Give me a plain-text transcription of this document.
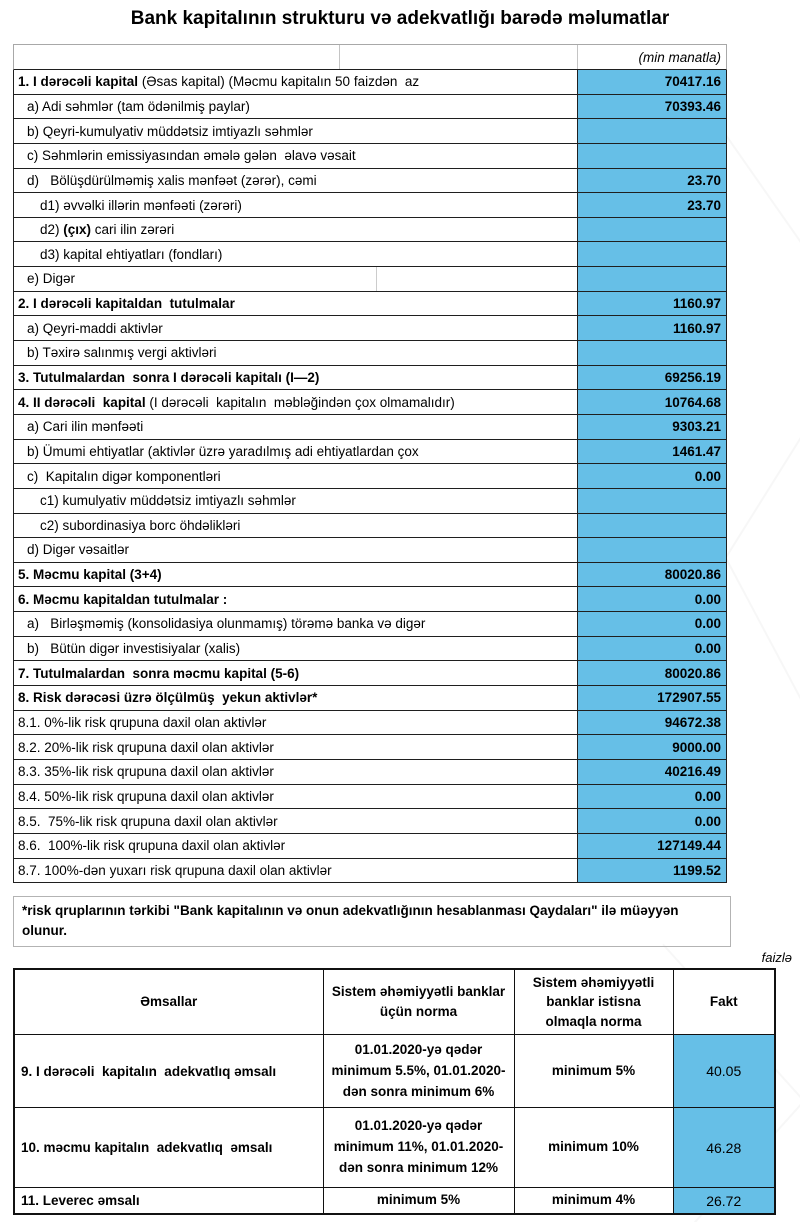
Bank kapitalının strukturu və adekvatlığı barədə məlumatlar
(min manatla)
1. I dərəcəli kapital (Əsas kapital) (Məcmu kapitalın 50 faizdən  az	70417.16
a) Adi səhmlər (tam ödənilmiş paylar)	70393.46
b) Qeyri-kumulyativ müddətsiz imtiyazlı səhmlər
c) Səhmlərin emissiyasından əmələ gələn  əlavə vəsait
d)   Bölüşdürülməmiş xalis mənfəət (zərər), cəmi	23.70
d1) əvvəlki illərin mənfəəti (zərəri)	23.70
d2) (çıx) cari ilin zərəri
d3) kapital ehtiyatları (fondları)
e) Digər
2. I dərəcəli kapitaldan  tutulmalar	1160.97
a) Qeyri-maddi aktivlər	1160.97
b) Təxirə salınmış vergi aktivləri
3. Tutulmalardan  sonra I dərəcəli kapitalı (I—2)	69256.19
4. II dərəcəli  kapital (I dərəcəli  kapitalın  məbləğindən çox olmamalıdır)	10764.68
a) Cari ilin mənfəəti	9303.21
b) Ümumi ehtiyatlar (aktivlər üzrə yaradılmış adi ehtiyatlardan çox	1461.47
c)  Kapitalın digər komponentləri	0.00
c1) kumulyativ müddətsiz imtiyazlı səhmlər
c2) subordinasiya borc öhdəlikləri
d) Digər vəsaitlər
5. Məcmu kapital (3+4)	80020.86
6. Məcmu kapitaldan tutulmalar :	0.00
a)   Birləşməmiş (konsolidasiya olunmamış) törəmə banka və digər	0.00
b)   Bütün digər investisiyalar (xalis)	0.00
7. Tutulmalardan  sonra məcmu kapital (5-6)	80020.86
8. Risk dərəcəsi üzrə ölçülmüş  yekun aktivlər*	172907.55
8.1. 0%-lik risk qrupuna daxil olan aktivlər	94672.38
8.2. 20%-lik risk qrupuna daxil olan aktivlər	9000.00
8.3. 35%-lik risk qrupuna daxil olan aktivlər	40216.49
8.4. 50%-lik risk qrupuna daxil olan aktivlər	0.00
8.5.  75%-lik risk qrupuna daxil olan aktivlər	0.00
8.6.  100%-lik risk qrupuna daxil olan aktivlər	127149.44
8.7. 100%-dən yuxarı risk qrupuna daxil olan aktivlər	1199.52
*risk qruplarının tərkibi "Bank kapitalının və onun adekvatlığının hesablanması Qaydaları" ilə müəyyən olunur.
faizlə
Əmsallar	Sistem əhəmiyyətli banklar üçün norma	Sistem əhəmiyyətli banklar istisna olmaqla norma	Fakt
9. I dərəcəli  kapitalın  adekvatlıq əmsalı	01.01.2020-yə qədər minimum 5.5%, 01.01.2020-dən sonra minimum 6%	minimum 5%	40.05
10. məcmu kapitalın  adekvatlıq  əmsalı	01.01.2020-yə qədər minimum 11%, 01.01.2020-dən sonra minimum 12%	minimum 10%	46.28
11. Leverec əmsalı	minimum 5%	minimum 4%	26.72
